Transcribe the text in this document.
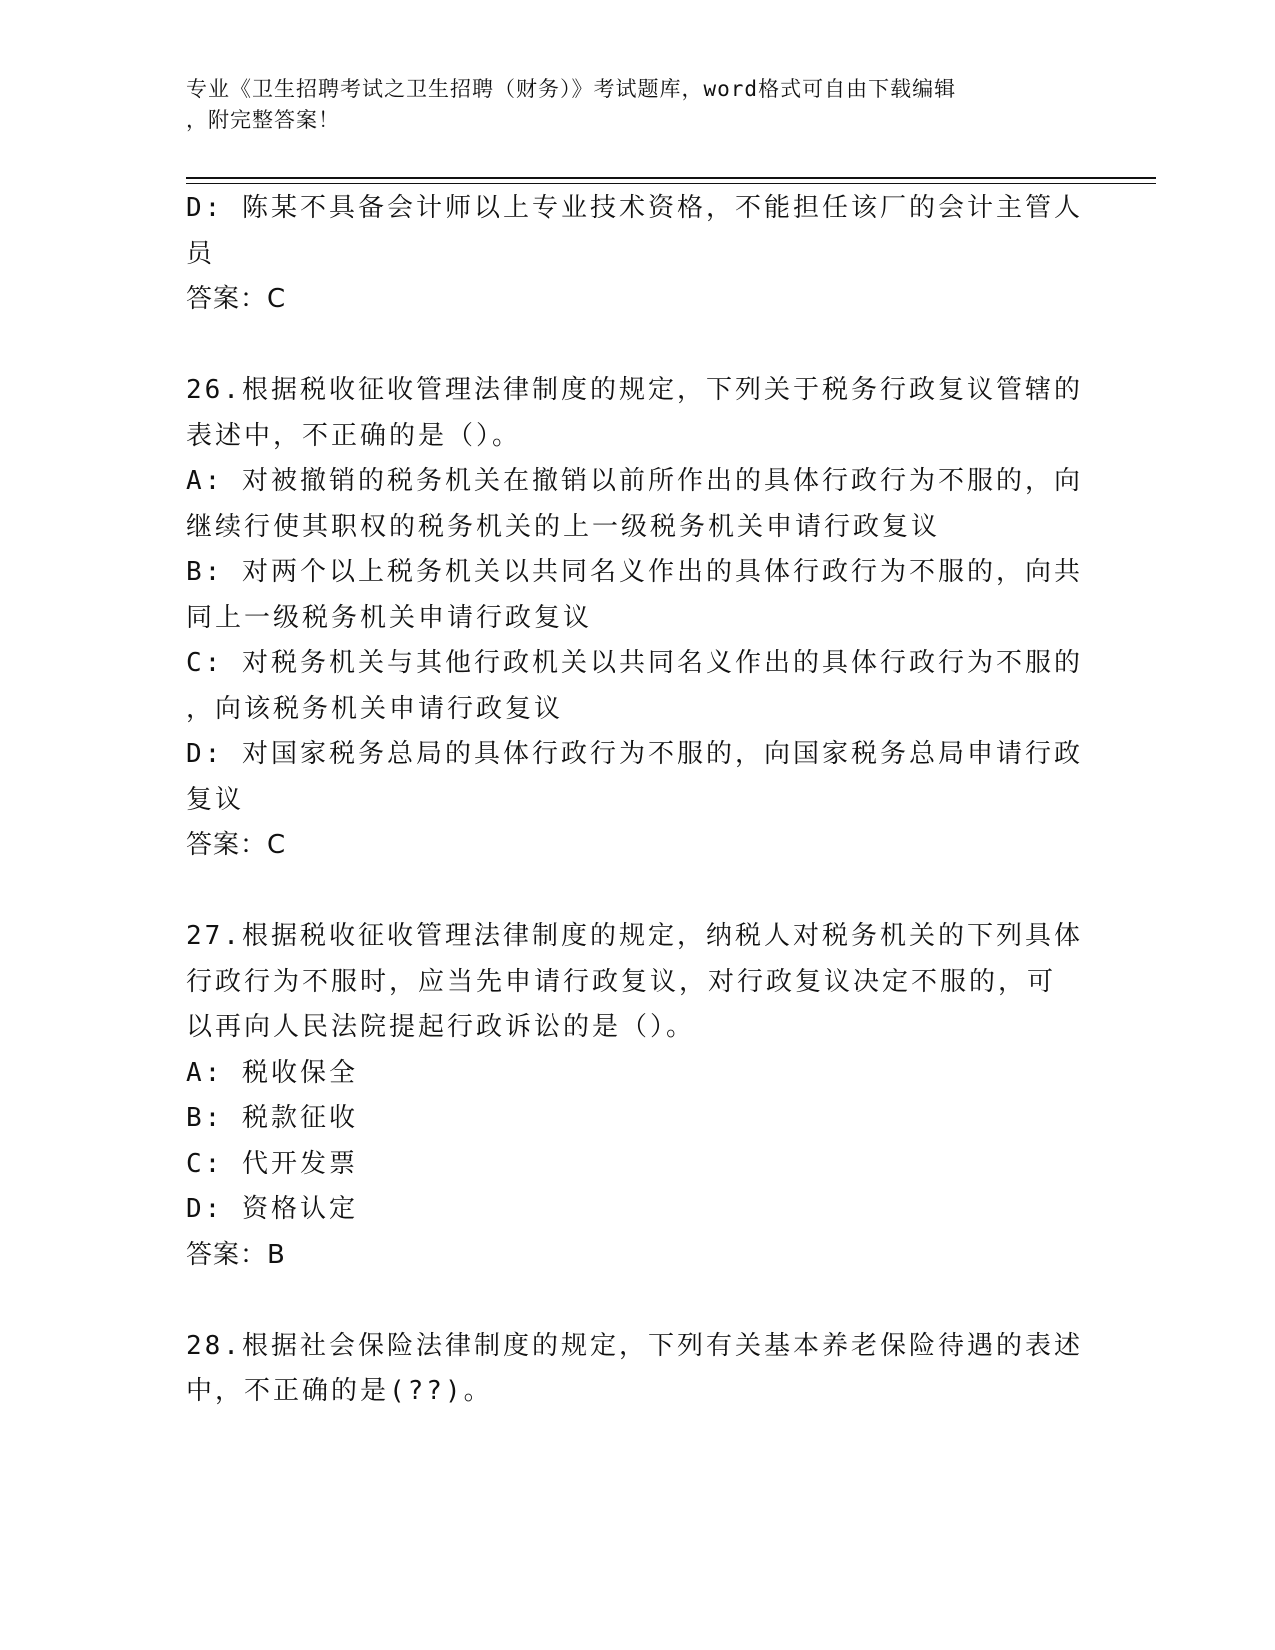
专业《卫生招聘考试之卫生招聘（财务）》考试题库，word格式可自由下载编辑
，附完整答案！
D: 陈某不具备会计师以上专业技术资格，不能担任该厂的会计主管人
员
答案：C
26.根据税收征收管理法律制度的规定，下列关于税务行政复议管辖的
表述中，不正确的是（）。
A: 对被撤销的税务机关在撤销以前所作出的具体行政行为不服的，向
继续行使其职权的税务机关的上一级税务机关申请行政复议
B: 对两个以上税务机关以共同名义作出的具体行政行为不服的，向共
同上一级税务机关申请行政复议
C: 对税务机关与其他行政机关以共同名义作出的具体行政行为不服的
，向该税务机关申请行政复议
D: 对国家税务总局的具体行政行为不服的，向国家税务总局申请行政
复议
答案：C
27.根据税收征收管理法律制度的规定，纳税人对税务机关的下列具体
行政行为不服时，应当先申请行政复议，对行政复议决定不服的，可
以再向人民法院提起行政诉讼的是（）。
A: 税收保全
B: 税款征收
C: 代开发票
D: 资格认定
答案：B
28.根据社会保险法律制度的规定，下列有关基本养老保险待遇的表述
中，不正确的是(??)。
